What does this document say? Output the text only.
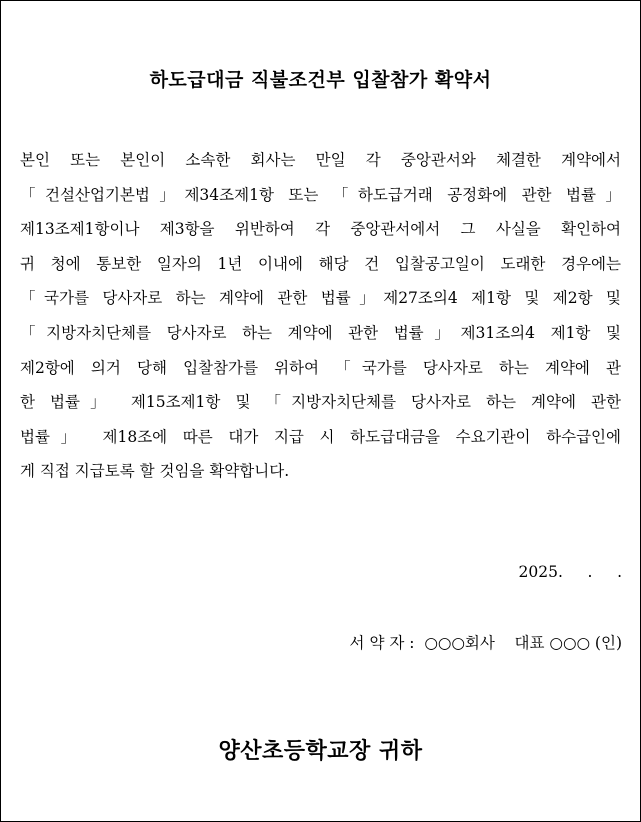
하도급대금 직불조건부 입찰참가 확약서
본인 또는 본인이 소속한 회사는 만일 각 중앙관서와 체결한 계약에서
「건설산업기본법」제34조제1항 또는 「하도급거래 공정화에 관한 법률」
제13조제1항이나 제3항을 위반하여 각 중앙관서에서 그 사실을 확인하여
귀 청에 통보한 일자의 1년 이내에 해당 건 입찰공고일이 도래한 경우에는
「국가를 당사자로 하는 계약에 관한 법률」제27조의4 제1항 및 제2항 및
「지방자치단체를 당사자로 하는 계약에 관한 법률」제31조의4 제1항 및
제2항에 의거 당해 입찰참가를 위하여 「국가를 당사자로 하는 계약에 관
한 법률」 제15조제1항 및 「지방자치단체를 당사자로 하는 계약에 관한
법률」 제18조에 따른 대가 지급 시 하도급대금을 수요기관이 하수급인에
게 직접 지급토록 할 것임을 확약합니다.
2025.     .     .
서 약 자 :  ○○○회사    대표 ○○○ (인)
양산초등학교장 귀하
